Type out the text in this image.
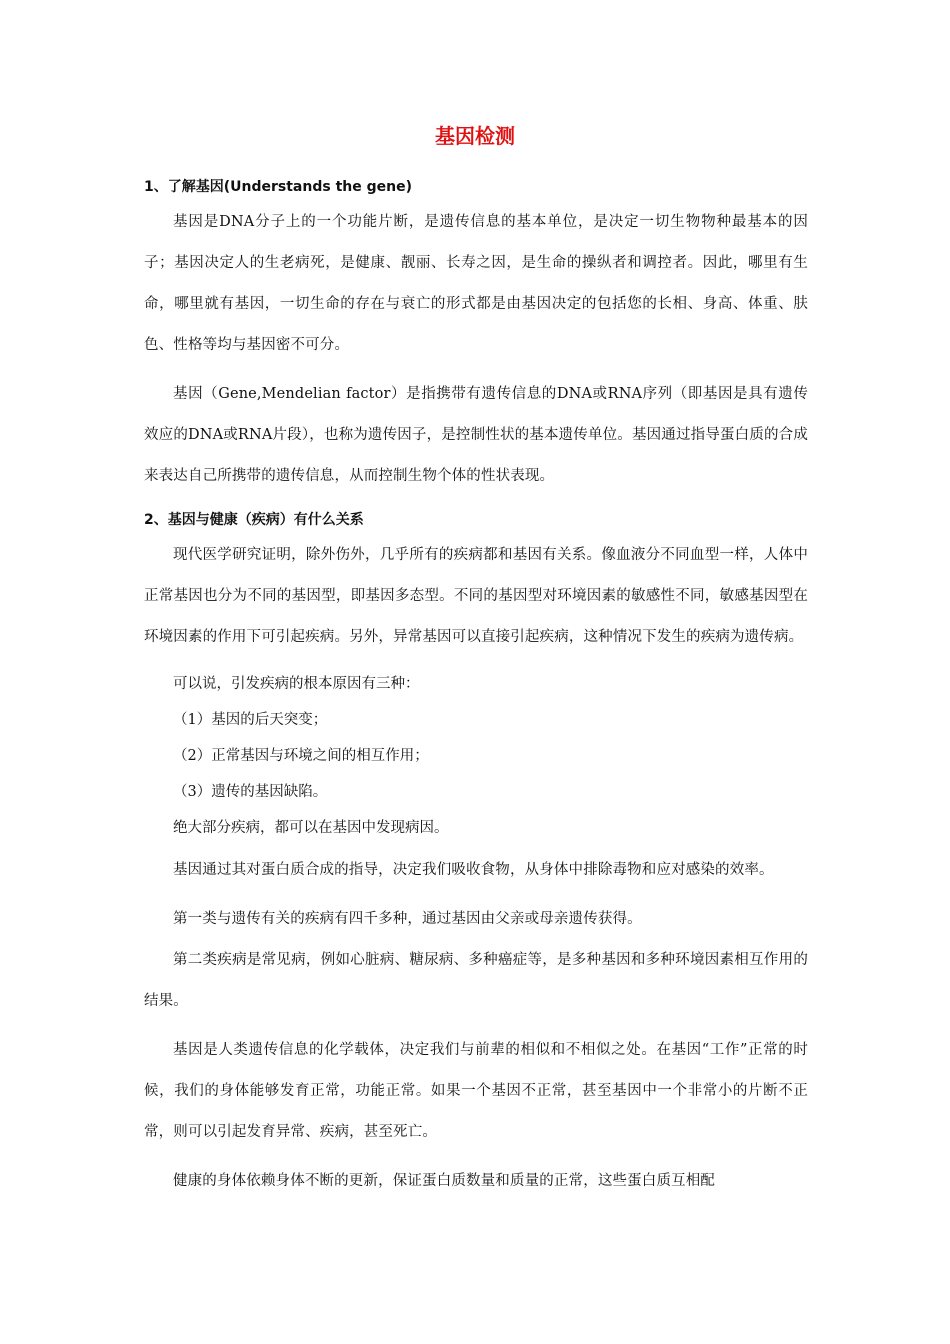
基因检测
1、了解基因(Understands the gene)

基因是DNA分子上的一个功能片断，是遗传信息的基本单位，是决定一切生物物种最基本的因子；基因决定人的生老病死，是健康、靓丽、长寿之因，是生命的操纵者和调控者。因此，哪里有生命，哪里就有基因，一切生命的存在与衰亡的形式都是由基因决定的包括您的长相、身高、体重、肤色、性格等均与基因密不可分。

基因（Gene,Mendelian factor）是指携带有遗传信息的DNA或RNA序列（即基因是具有遗传效应的DNA或RNA片段），也称为遗传因子，是控制性状的基本遗传单位。基因通过指导蛋白质的合成来表达自己所携带的遗传信息，从而控制生物个体的性状表现。

2、基因与健康（疾病）有什么关系

现代医学研究证明，除外伤外，几乎所有的疾病都和基因有关系。像血液分不同血型一样，人体中正常基因也分为不同的基因型，即基因多态型。不同的基因型对环境因素的敏感性不同，敏感基因型在环境因素的作用下可引起疾病。另外，异常基因可以直接引起疾病，这种情况下发生的疾病为遗传病。

可以说，引发疾病的根本原因有三种：

（1）基因的后天突变；
（2）正常基因与环境之间的相互作用；
（3）遗传的基因缺陷。

绝大部分疾病，都可以在基因中发现病因。

基因通过其对蛋白质合成的指导，决定我们吸收食物，从身体中排除毒物和应对感染的效率。

第一类与遗传有关的疾病有四千多种，通过基因由父亲或母亲遗传获得。

第二类疾病是常见病，例如心脏病、糖尿病、多种癌症等，是多种基因和多种环境因素相互作用的结果。

基因是人类遗传信息的化学载体，决定我们与前辈的相似和不相似之处。在基因“工作”正常的时候，我们的身体能够发育正常，功能正常。如果一个基因不正常，甚至基因中一个非常小的片断不正常，则可以引起发育异常、疾病，甚至死亡。

健康的身体依赖身体不断的更新，保证蛋白质数量和质量的正常，这些蛋白质互相配
